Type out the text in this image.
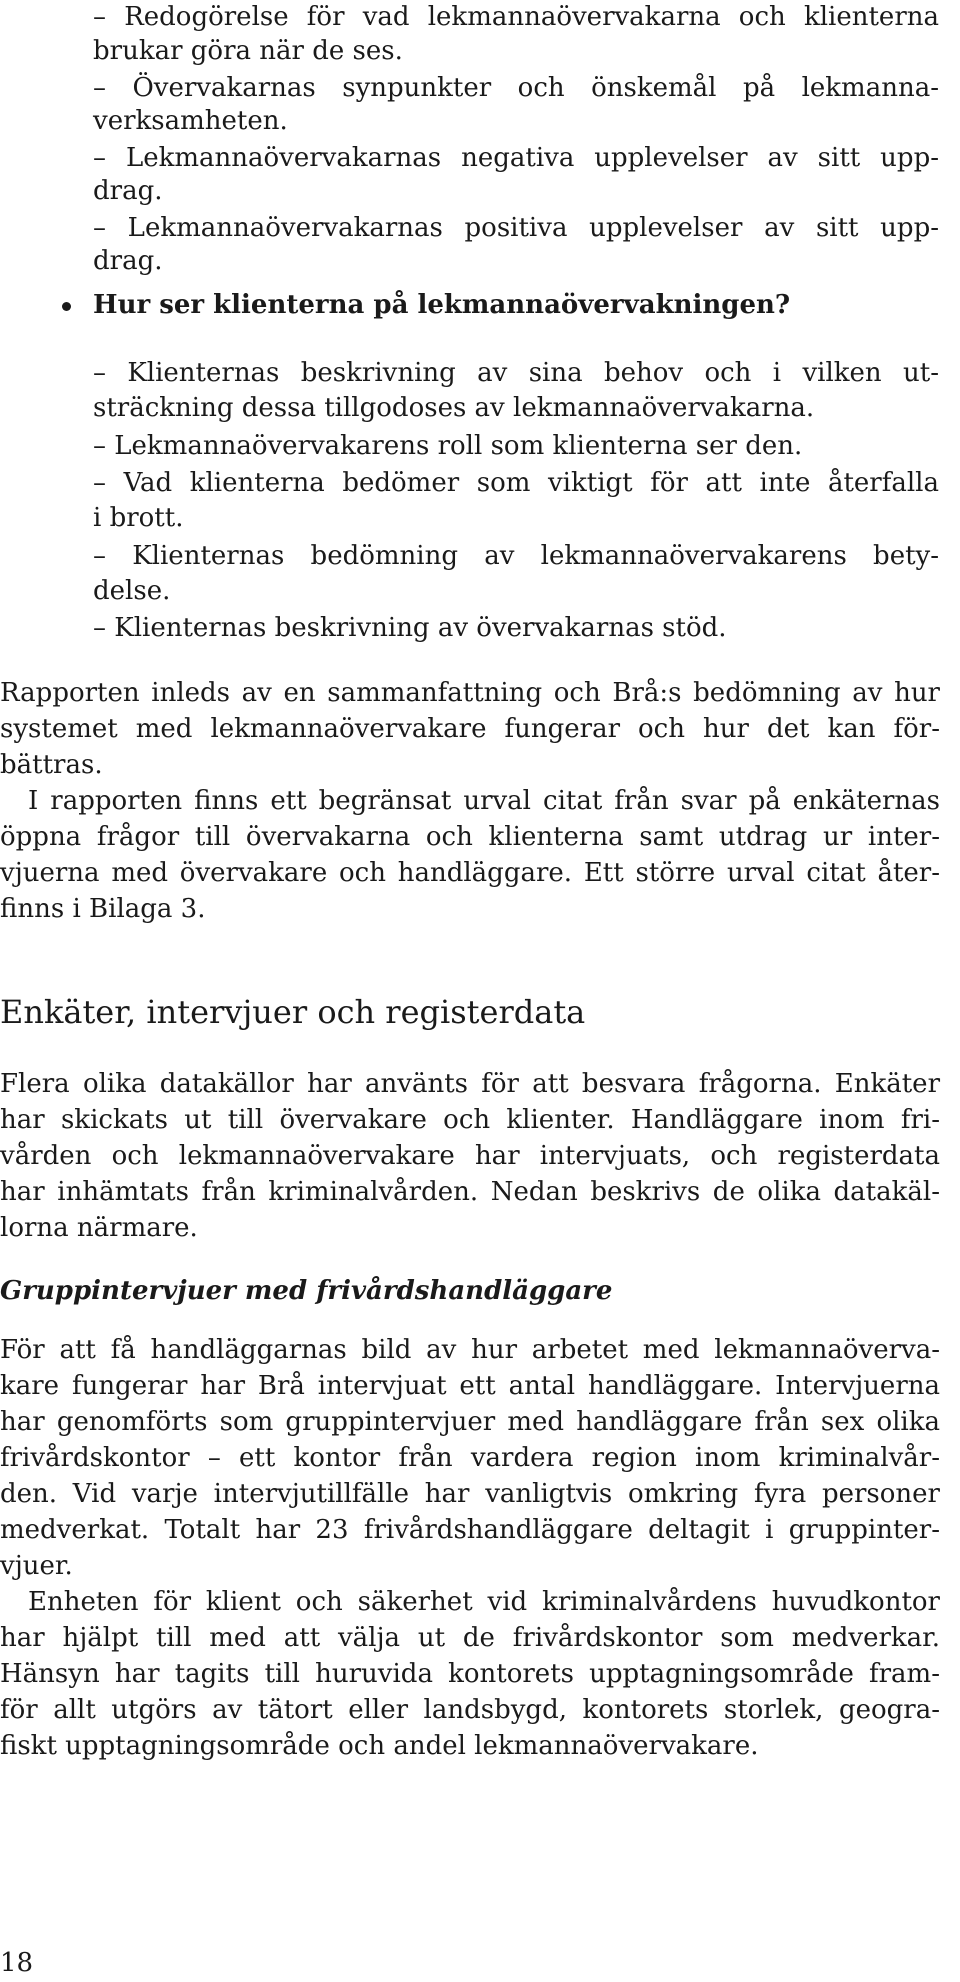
– Redogörelse för vad lekmannaövervakarna och klienterna
brukar göra när de ses.
– Övervakarnas synpunkter och önskemål på lekmanna-
verksamheten.
– Lekmannaövervakarnas negativa upplevelser av sitt upp-
drag.
– Lekmannaövervakarnas positiva upplevelser av sitt upp-
drag.
Hur ser klienterna på lekmannaövervakningen?
– Klienternas beskrivning av sina behov och i vilken ut-
sträckning dessa tillgodoses av lekmannaövervakarna.
– Lekmannaövervakarens roll som klienterna ser den.
– Vad klienterna bedömer som viktigt för att inte återfalla
i brott.
– Klienternas bedömning av lekmannaövervakarens bety-
delse.
– Klienternas beskrivning av övervakarnas stöd.
Rapporten inleds av en sammanfattning och Brå:s bedömning av hur
systemet med lekmannaövervakare fungerar och hur det kan för-
bättras.
I rapporten finns ett begränsat urval citat från svar på enkäternas
öppna frågor till övervakarna och klienterna samt utdrag ur inter-
vjuerna med övervakare och handläggare. Ett större urval citat åter-
finns i Bilaga 3.
Enkäter, intervjuer och registerdata
Flera olika datakällor har använts för att besvara frågorna. Enkäter
har skickats ut till övervakare och klienter. Handläggare inom fri-
vården och lekmannaövervakare har intervjuats, och registerdata
har inhämtats från kriminalvården. Nedan beskrivs de olika datakäl-
lorna närmare.
Gruppintervjuer med frivårdshandläggare
För att få handläggarnas bild av hur arbetet med lekmannaöverva-
kare fungerar har Brå intervjuat ett antal handläggare. Intervjuerna
har genomförts som gruppintervjuer med handläggare från sex olika
frivårdskontor – ett kontor från vardera region inom kriminalvår-
den. Vid varje intervjutillfälle har vanligtvis omkring fyra personer
medverkat. Totalt har 23 frivårdshandläggare deltagit i gruppinter-
vjuer.
Enheten för klient och säkerhet vid kriminalvårdens huvudkontor
har hjälpt till med att välja ut de frivårdskontor som medverkar.
Hänsyn har tagits till huruvida kontorets upptagningsområde fram-
för allt utgörs av tätort eller landsbygd, kontorets storlek, geogra-
fiskt upptagningsområde och andel lekmannaövervakare.
18
